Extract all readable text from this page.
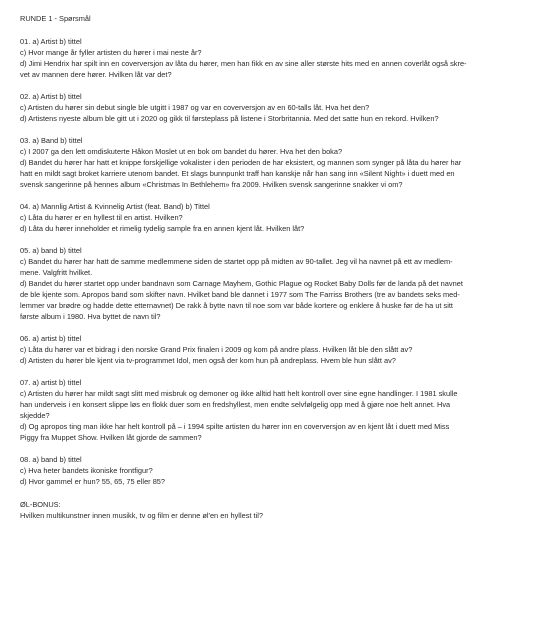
RUNDE 1 - Spørsmål

01. a) Artist b) tittel

c) Hvor mange år fyller artisten du hører i mai neste år?

d) Jimi Hendrix har spilt inn en coverversjon av låta du hører, men han fikk en av sine aller største hits med en annen coverlåt også skre-

vet av mannen dere hører. Hvilken låt var det?

02. a) Artist b) tittel

c) Artisten du hører sin debut single ble utgitt i 1987 og var en coverversjon av en 60-talls låt. Hva het den?

d) Artistens nyeste album ble gitt ut i 2020 og gikk til førsteplass på listene i Storbritannia. Med det satte hun en rekord. Hvilken?

03. a) Band b) tittel

c) I 2007 ga den lett omdiskuterte Håkon Moslet ut en bok om bandet du hører. Hva het den boka?

d) Bandet du hører har hatt et knippe forskjellige vokalister i den perioden de har eksistert, og mannen som synger på låta du hører har

hatt en mildt sagt broket karriere utenom bandet. Et slags bunnpunkt traff han kanskje når han sang inn «Silent Night» i duett med en

svensk sangerinne på hennes album «Christmas In Bethlehem» fra 2009. Hvilken svensk sangerinne snakker vi om?

04. a) Mannlig Artist & Kvinnelig Artist (feat. Band) b) Tittel

c) Låta du hører er en hyllest til en artist. Hvilken?

d) Låta du hører inneholder et rimelig tydelig sample fra en annen kjent låt. Hvilken låt?

05. a) band b) tittel

c) Bandet du hører har hatt de samme medlemmene siden de startet opp på midten av 90-tallet. Jeg vil ha navnet på ett av medlem-

mene. Valgfritt hvilket.

d) Bandet du hører startet opp under bandnavn som Carnage Mayhem, Gothic Plague og Rocket Baby Dolls før de landa på det navnet

de ble kjente som. Apropos band som skifter navn. Hvilket band ble dannet i 1977 som The Farriss Brothers (tre av bandets seks med-

lemmer var brødre og hadde dette etternavnet) De rakk å bytte navn til noe som var både kortere og enklere å huske før de ha ut sitt

første album i 1980. Hva byttet de navn til?

06. a) artist b) tittel

c) Låta du hører var et bidrag i den norske Grand Prix finalen i 2009 og kom på andre plass. Hvilken låt ble den slått av?

d) Artisten du hører ble kjent via tv-programmet Idol, men også der kom hun på andreplass. Hvem ble hun slått av?

07. a) artist b) tittel

c) Artisten du hører har mildt sagt slitt med misbruk og demoner og ikke alltid hatt helt kontroll over sine egne handlinger. I 1981 skulle

han underveis i en konsert slippe løs en flokk duer som en fredshyllest, men endte selvfølgelig opp med å gjøre noe helt annet. Hva

skjedde?

d) Og apropos ting man ikke har helt kontroll på – i 1994 spilte artisten du hører inn en coverversjon av en kjent låt i duett med Miss

Piggy fra Muppet Show. Hvilken låt gjorde de sammen?

08. a) band b) tittel

c) Hva heter bandets ikoniske frontfigur?

d) Hvor gammel er hun? 55, 65, 75 eller 85?

ØL-BONUS:

Hvilken multikunstner innen musikk, tv og film er denne øl'en en hyllest til?
